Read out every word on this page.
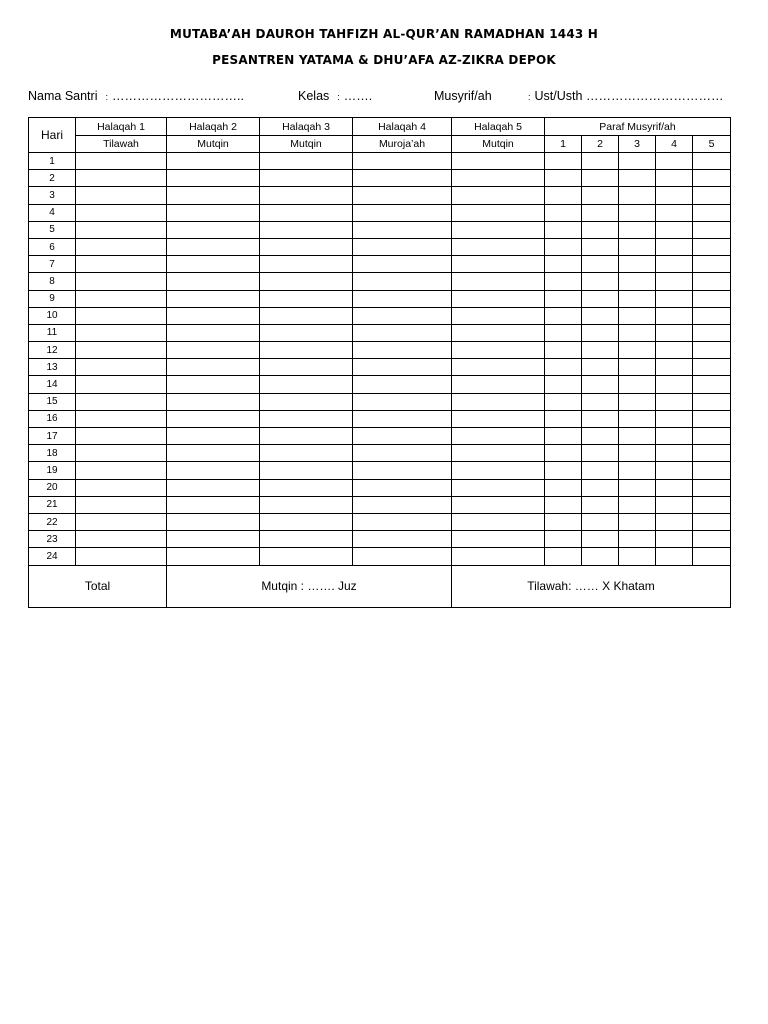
MUTABA’AH DAUROH TAHFIZH AL-QUR’AN RAMADHAN 1443 H
PESANTREN YATAMA & DHU’AFA AZ-ZIKRA DEPOK
Nama Santri : …………………………..	Kelas : …….	Musyrif/ah	: Ust/Usth ……………………………
Hari	Halaqah 1	Halaqah 2	Halaqah 3	Halaqah 4	Halaqah 5	Paraf Musyrif/ah				
	Tilawah	Mutqin	Mutqin	Muroja’ah	Mutqin	1	2	3	4	5
1										
2										
3										
4										
5										
6										
7										
8										
9										
10										
11										
12										
13										
14										
15										
16										
17										
18										
19										
20										
21										
22										
23										
24										
Total		Mutqin : ……. Juz			Tilawah: …… X Khatam					
